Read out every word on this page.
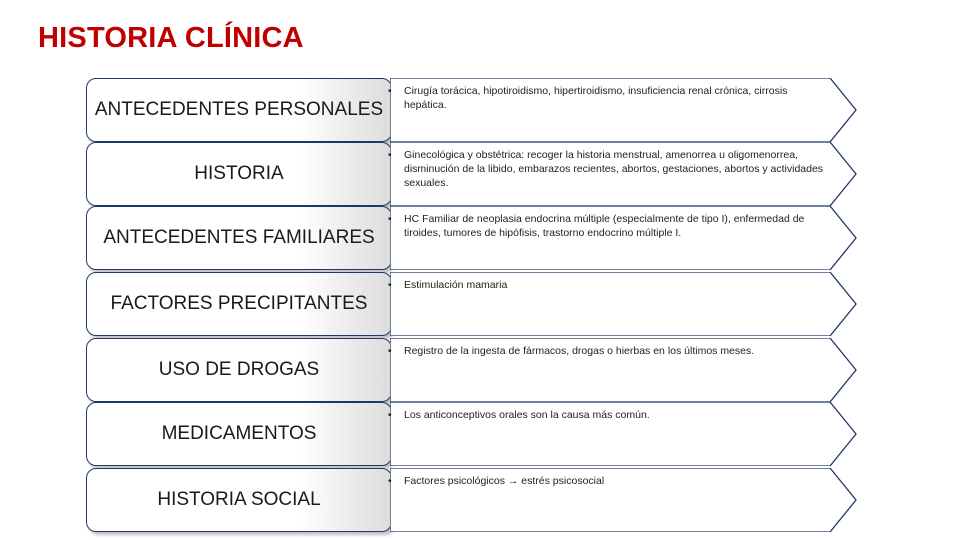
HISTORIA CLÍNICA
ANTECEDENTES PERSONALES
• Cirugía torácica, hipotiroidismo, hipertiroidismo, insuficiencia renal crónica, cirrosis hepática.
HISTORIA
• Ginecológica y obstétrica: recoger la historia menstrual, amenorrea u oligomenorrea, disminución de la libido, embarazos recientes, abortos, gestaciones, abortos y actividades sexuales.
ANTECEDENTES FAMILIARES
• HC Familiar de neoplasia endocrina múltiple (especialmente de tipo I), enfermedad de tiroides, tumores de hipófisis, trastorno endocrino múltiple I.
FACTORES PRECIPITANTES
• Estimulación mamaria
USO DE DROGAS
• Registro de la ingesta de fármacos, drogas o hierbas en los últimos meses.
MEDICAMENTOS
• Los anticonceptivos orales son la causa más común.
HISTORIA SOCIAL
• Factores psicológicos → estrés psicosocial
